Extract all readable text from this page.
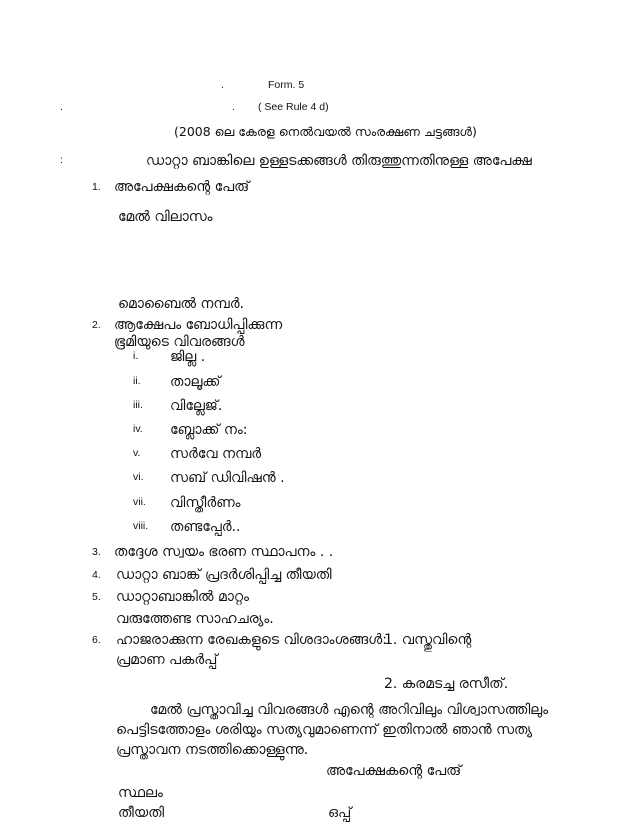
.	Form. 5
.	. ( See Rule 4 d)
(2008 ലെ കേരള നെൽവയൽ സംരക്ഷണ ചട്ടങ്ങൾ)
:	ഡാറ്റാ ബാങ്കിലെ ഉള്ളടക്കങ്ങൾ തിരുത്തുന്നതിനുള്ള അപേക്ഷ
1. അപേക്ഷകന്റെ പേരു്
മേൽ വിലാസം
മൊബൈൽ നമ്പർ.
2. ആക്ഷേപം ബോധിപ്പിക്കുന്ന
ഭൂമിയുടെ വിവരങ്ങൾ
i. ജില്ല .
ii. താലൂക്ക്
iii. വില്ലേജ്.
iv. ബ്ലോക്ക് നം:
v. സർവേ നമ്പർ
vi. സബ് ഡിവിഷൻ .
vii. വിസ്തീർണം
viii. തണ്ടപ്പേർ..
3. തദ്ദേശ സ്വയം ഭരണ സ്ഥാപനം . .
4. ഡാറ്റാ ബാങ്ക് പ്രദർശിപ്പിച്ച തീയതി
5. ഡാറ്റാബാങ്കിൽ മാറ്റം
വരുത്തേണ്ട സാഹചര്യം.
6. ഹാജരാക്കുന്ന രേഖകളുടെ വിശദാംശങ്ങൾ:
1. വസ്തുവിന്റെ
പ്രമാണ പകർപ്പ്
2. കരമടച്ച രസീത്.
മേൽ പ്രസ്താവിച്ച വിവരങ്ങൾ എന്റെ അറിവിലും വിശ്വാസത്തിലും
പെട്ടിടത്തോളം ശരിയും സത്യവുമാണെന്ന് ഇതിനാൽ ഞാൻ സത്യ
പ്രസ്താവന നടത്തിക്കൊള്ളുന്നു.
അപേക്ഷകന്റെ പേരു്
സ്ഥലം
തീയതി	ഒപ്പ്
